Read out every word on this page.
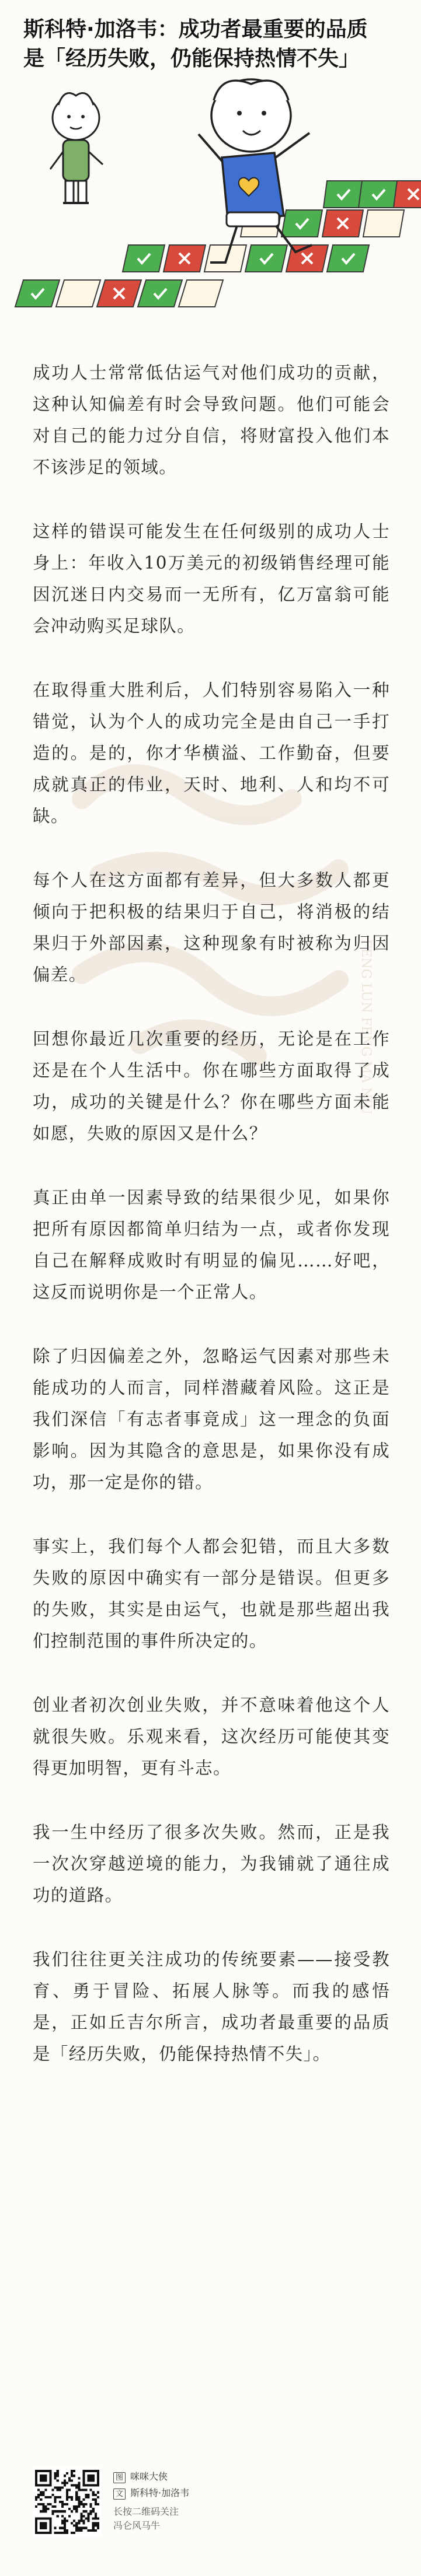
斯科特·加洛韦：成功者最重要的品质
是「经历失败，仍能保持热情不失」
FENG LUN FENG MA NIU

成功人士常常低估运气对他们成功的贡献，这种认知偏差有时会导致问题。他们可能会对自己的能力过分自信，将财富投入他们本不该涉足的领域。

这样的错误可能发生在任何级别的成功人士身上：年收入10万美元的初级销售经理可能因沉迷日内交易而一无所有，亿万富翁可能会冲动购买足球队。

在取得重大胜利后，人们特别容易陷入一种错觉，认为个人的成功完全是由自己一手打造的。是的，你才华横溢、工作勤奋，但要成就真正的伟业，天时、地利、人和均不可缺。

每个人在这方面都有差异，但大多数人都更倾向于把积极的结果归于自己，将消极的结果归于外部因素，这种现象有时被称为归因偏差。

回想你最近几次重要的经历，无论是在工作还是在个人生活中。你在哪些方面取得了成功，成功的关键是什么？你在哪些方面未能如愿，失败的原因又是什么？

真正由单一因素导致的结果很少见，如果你把所有原因都简单归结为一点，或者你发现自己在解释成败时有明显的偏见……好吧，这反而说明你是一个正常人。

除了归因偏差之外，忽略运气因素对那些未能成功的人而言，同样潜藏着风险。这正是我们深信「有志者事竟成」这一理念的负面影响。因为其隐含的意思是，如果你没有成功，那一定是你的错。

事实上，我们每个人都会犯错，而且大多数失败的原因中确实有一部分是错误。但更多的失败，其实是由运气，也就是那些超出我们控制范围的事件所决定的。

创业者初次创业失败，并不意味着他这个人就很失败。乐观来看，这次经历可能使其变得更加明智，更有斗志。

我一生中经历了很多次失败。然而，正是我一次次穿越逆境的能力，为我铺就了通往成功的道路。

我们往往更关注成功的传统要素——接受教育、勇于冒险、拓展人脉等。而我的感悟是，正如丘吉尔所言，成功者最重要的品质是「经历失败，仍能保持热情不失」。

图 咪咪大俠
文 斯科特·加洛韦
长按二维码关注
冯仑风马牛
